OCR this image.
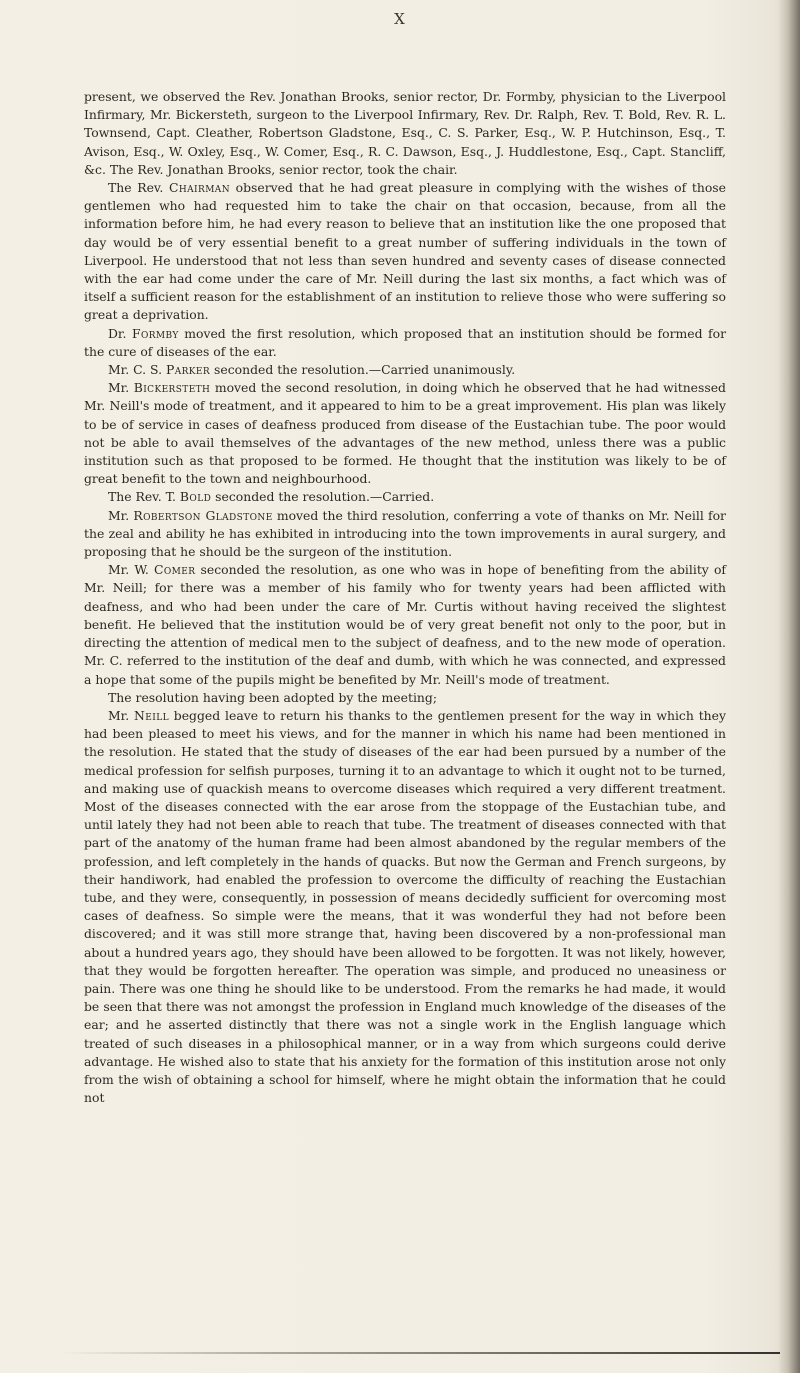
X

present, we observed the Rev. Jonathan Brooks, senior rector, Dr. Formby, physician to the Liverpool Infirmary, Mr. Bickersteth, surgeon to the Liverpool Infirmary, Rev. Dr. Ralph, Rev. T. Bold, Rev. R. L. Townsend, Capt. Cleather, Robertson Gladstone, Esq., C. S. Parker, Esq., W. P. Hutchinson, Esq., T. Avison, Esq., W. Oxley, Esq., W. Comer, Esq., R. C. Dawson, Esq., J. Huddlestone, Esq., Capt. Stancliff, &c. The Rev. Jonathan Brooks, senior rector, took the chair.

The Rev. Chairman observed that he had great pleasure in complying with the wishes of those gentlemen who had requested him to take the chair on that occasion, because, from all the information before him, he had every reason to believe that an institution like the one proposed that day would be of very essential benefit to a great number of suffering individuals in the town of Liverpool. He understood that not less than seven hundred and seventy cases of disease connected with the ear had come under the care of Mr. Neill during the last six months, a fact which was of itself a sufficient reason for the establishment of an institution to relieve those who were suffering so great a deprivation.

Dr. Formby moved the first resolution, which proposed that an institution should be formed for the cure of diseases of the ear.

Mr. C. S. Parker seconded the resolution.—Carried unanimously.

Mr. Bickersteth moved the second resolution, in doing which he observed that he had witnessed Mr. Neill's mode of treatment, and it appeared to him to be a great improvement. His plan was likely to be of service in cases of deafness produced from disease of the Eustachian tube. The poor would not be able to avail themselves of the advantages of the new method, unless there was a public institution such as that proposed to be formed. He thought that the institution was likely to be of great benefit to the town and neighbourhood.

The Rev. T. Bold seconded the resolution.—Carried.

Mr. Robertson Gladstone moved the third resolution, conferring a vote of thanks on Mr. Neill for the zeal and ability he has exhibited in introducing into the town improvements in aural surgery, and proposing that he should be the surgeon of the institution.

Mr. W. Comer seconded the resolution, as one who was in hope of benefiting from the ability of Mr. Neill; for there was a member of his family who for twenty years had been afflicted with deafness, and who had been under the care of Mr. Curtis without having received the slightest benefit. He believed that the institution would be of very great benefit not only to the poor, but in directing the attention of medical men to the subject of deafness, and to the new mode of operation. Mr. C. referred to the institution of the deaf and dumb, with which he was connected, and expressed a hope that some of the pupils might be benefited by Mr. Neill's mode of treatment.

The resolution having been adopted by the meeting;

Mr. Neill begged leave to return his thanks to the gentlemen present for the way in which they had been pleased to meet his views, and for the manner in which his name had been mentioned in the resolution. He stated that the study of diseases of the ear had been pursued by a number of the medical profession for selfish purposes, turning it to an advantage to which it ought not to be turned, and making use of quackish means to overcome diseases which required a very different treatment. Most of the diseases connected with the ear arose from the stoppage of the Eustachian tube, and until lately they had not been able to reach that tube. The treatment of diseases connected with that part of the anatomy of the human frame had been almost abandoned by the regular members of the profession, and left completely in the hands of quacks. But now the German and French surgeons, by their handiwork, had enabled the profession to overcome the difficulty of reaching the Eustachian tube, and they were, consequently, in possession of means decidedly sufficient for overcoming most cases of deafness. So simple were the means, that it was wonderful they had not before been discovered; and it was still more strange that, having been discovered by a non-professional man about a hundred years ago, they should have been allowed to be forgotten. It was not likely, however, that they would be forgotten hereafter. The operation was simple, and produced no uneasiness or pain. There was one thing he should like to be understood. From the remarks he had made, it would be seen that there was not amongst the profession in England much knowledge of the diseases of the ear; and he asserted distinctly that there was not a single work in the English language which treated of such diseases in a philosophical manner, or in a way from which surgeons could derive advantage. He wished also to state that his anxiety for the formation of this institution arose not only from the wish of obtaining a school for himself, where he might obtain the information that he could not
